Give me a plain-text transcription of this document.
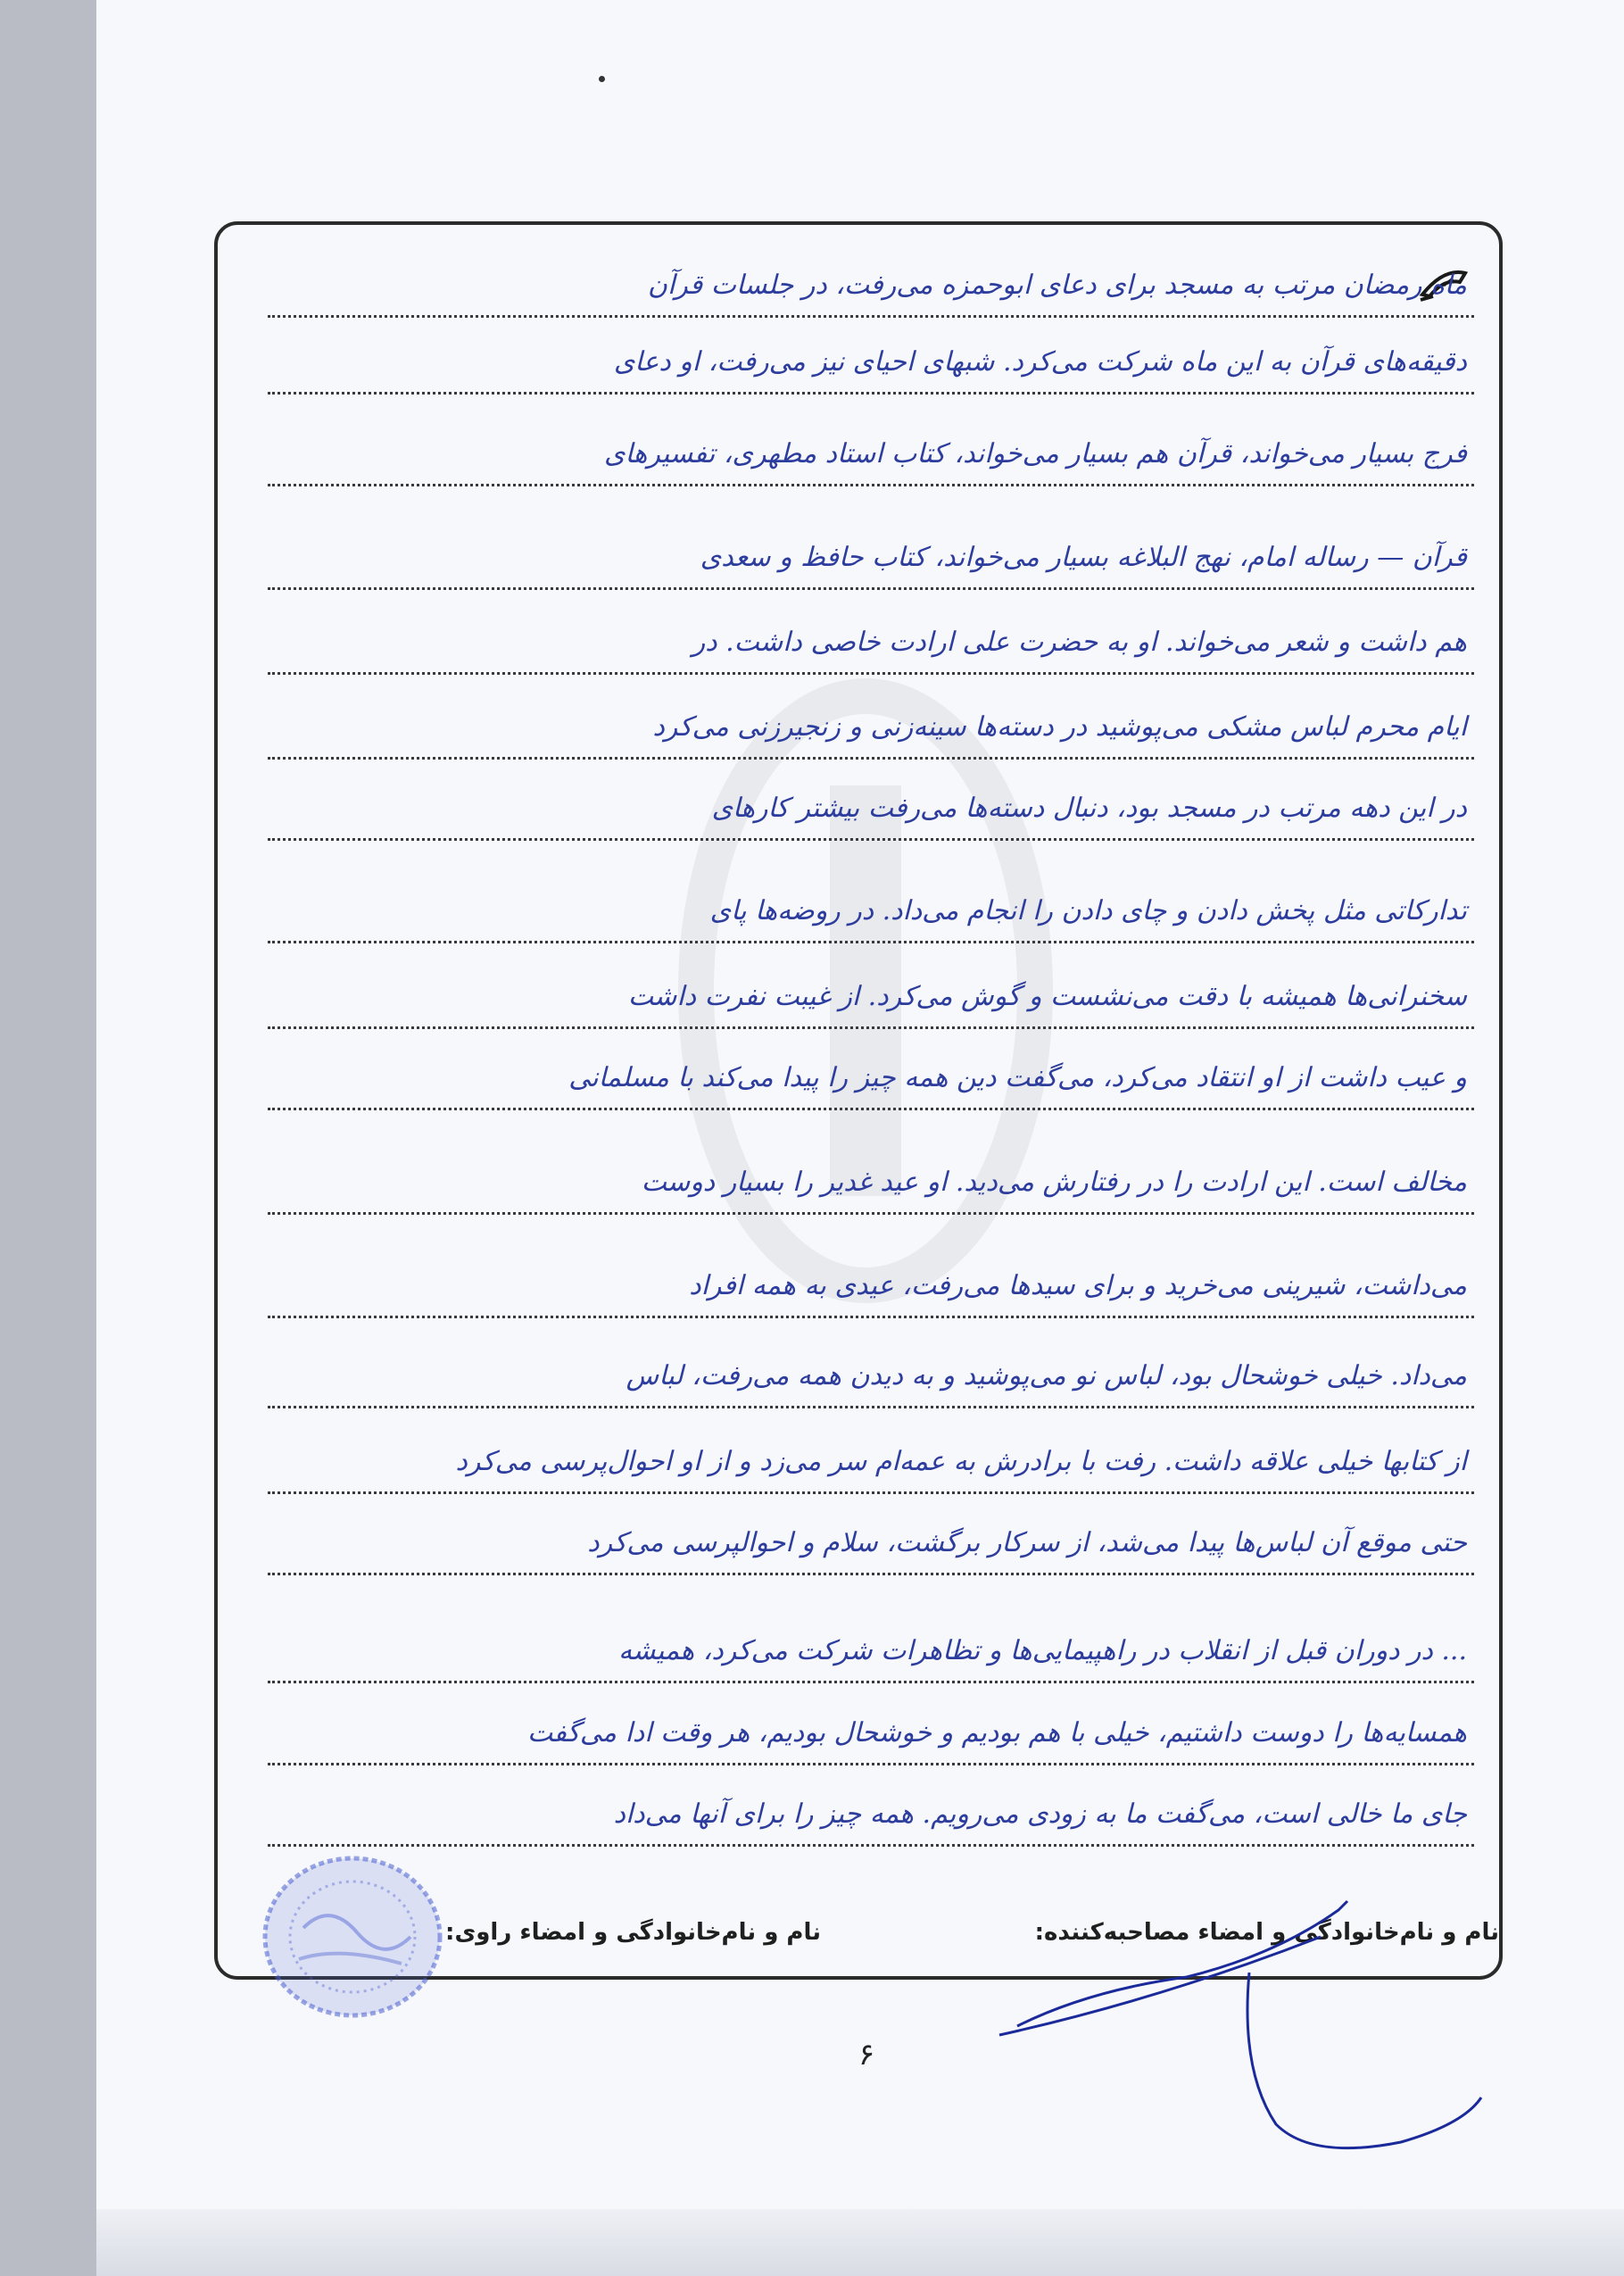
ماه رمضان مرتب به مسجد برای دعای ابوحمزه می‌رفت، در جلسات قرآن
دقیقه‌های قرآن به این ماه شرکت می‌کرد. شبهای احیای نیز می‌رفت، او دعای
فرج بسیار می‌خواند، قرآن هم بسیار می‌خواند، کتاب استاد مطهری، تفسیرهای
قرآن — رساله امام، نهج البلاغه بسیار می‌خواند، کتاب حافظ و سعدی
هم داشت و شعر می‌خواند. او به حضرت علی ارادت خاصی داشت. در
ایام محرم لباس مشکی می‌پوشید در دسته‌ها سینه‌زنی و زنجیرزنی می‌کرد
در این دهه مرتب در مسجد بود، دنبال دسته‌ها می‌رفت بیشتر کارهای
تدارکاتی مثل پخش دادن و چای دادن را انجام می‌داد. در روضه‌ها پای
سخنرانی‌ها همیشه با دقت می‌نشست و گوش می‌کرد. از غیبت نفرت داشت
و عیب داشت از او انتقاد می‌کرد، می‌گفت دین همه چیز را پیدا می‌کند با مسلمانی
مخالف است. این ارادت را در رفتارش می‌دید. او عید غدیر را بسیار دوست
می‌داشت، شیرینی می‌خرید و برای سیدها می‌رفت، عیدی به همه افراد
می‌داد. خیلی خوشحال بود، لباس نو می‌پوشید و به دیدن همه می‌رفت، لباس
از کتابها خیلی علاقه داشت. رفت با برادرش به عمه‌ام سر می‌زد و از او احوال‌پرسی می‌کرد
حتی موقع آن لباس‌ها پیدا می‌شد، از سرکار برگشت، سلام و احوالپرسی می‌کرد
... در دوران قبل از انقلاب در راهپیمایی‌ها و تظاهرات شرکت می‌کرد، همیشه
همسایه‌ها را دوست داشتیم، خیلی با هم بودیم و خوشحال بودیم، هر وقت ادا می‌گفت
جای ما خالی است، می‌گفت ما به زودی می‌رویم. همه چیز را برای آنها می‌داد
نام و نام‌خانوادگی و امضاء مصاحبه‌کننده:
نام و نام‌خانوادگی و امضاء راوی:
۶
